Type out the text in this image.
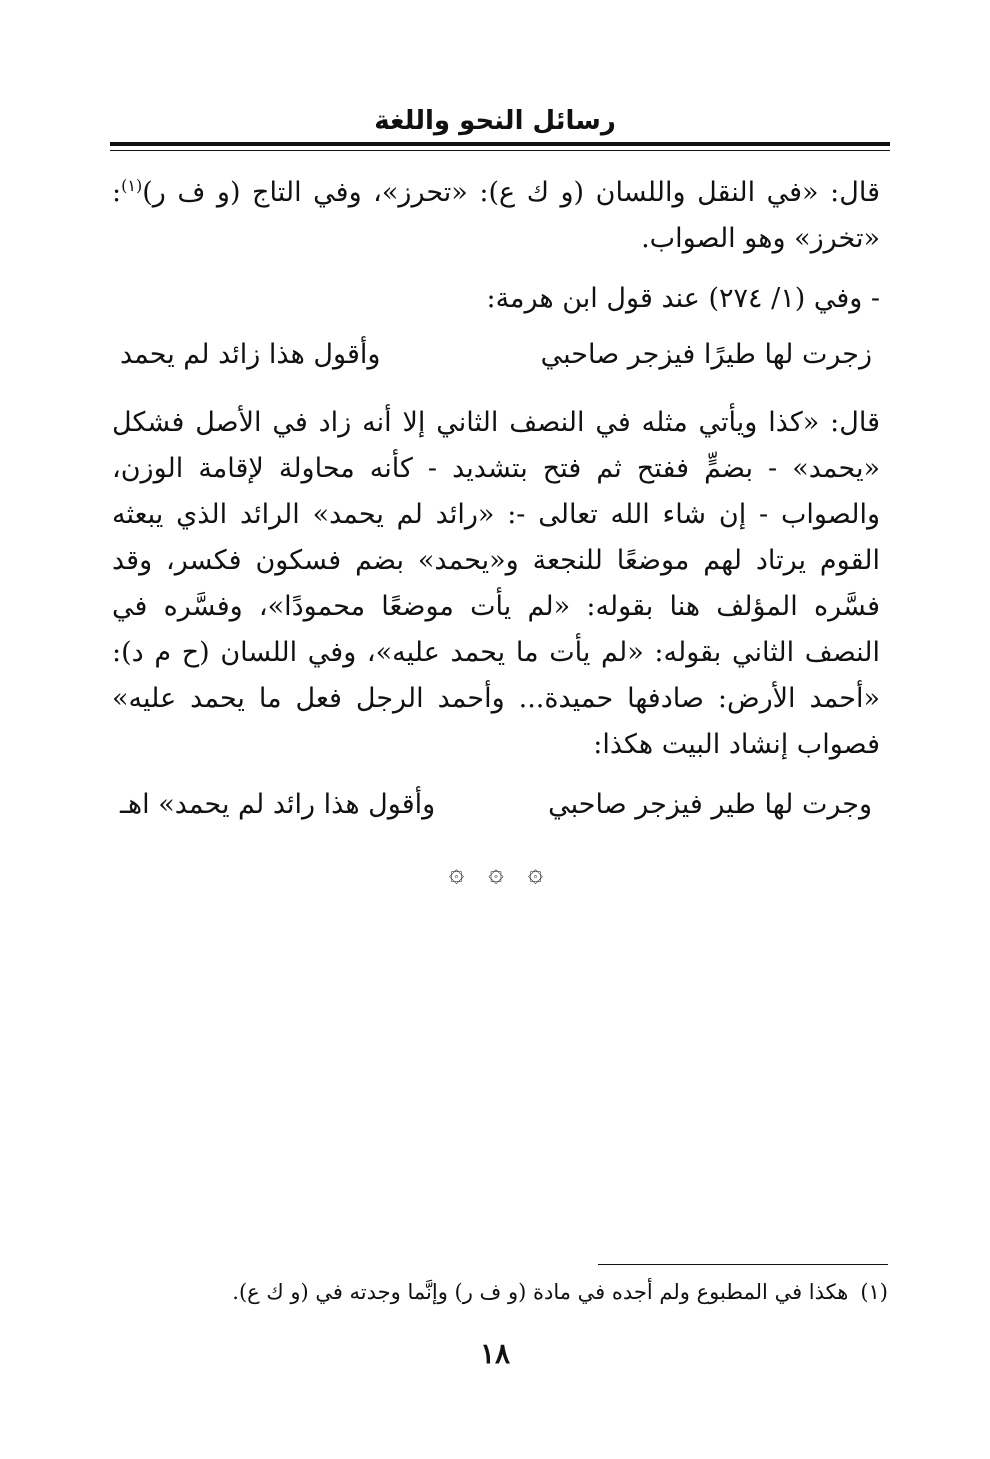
رسائل النحو واللغة

قال: «في النقل واللسان (و ك ع): «تحرز»، وفي التاج (و ف ر)$^{(١)}$: «تخرز» وهو الصواب.

- وفي (١/ ٢٧٤) عند قول ابن هرمة:

زجرت لها طيرًا فيزجر صاحبي
وأقول هذا زائد لم يحمد

قال: «كذا ويأتي مثله في النصف الثاني إلا أنه زاد في الأصل فشكل «يحمد» - بضمٍّ ففتح ثم فتح بتشديد - كأنه محاولة لإقامة الوزن، والصواب - إن شاء الله تعالى -: «رائد لم يحمد» الرائد الذي يبعثه القوم يرتاد لهم موضعًا للنجعة و«يحمد» بضم فسكون فكسر، وقد فسَّره المؤلف هنا بقوله: «لم يأت موضعًا محمودًا»، وفسَّره في النصف الثاني بقوله: «لم يأت ما يحمد عليه»، وفي اللسان (ح م د): «أحمد الأرض: صادفها حميدة... وأحمد الرجل فعل ما يحمد عليه» فصواب إنشاد البيت هكذا:

وجرت لها طير فيزجر صاحبي
وأقول هذا رائد لم يحمد» اهـ
۞ ۞ ۞
(١)هكذا في المطبوع ولم أجده في مادة (و ف ر) وإنَّما وجدته في (و ك ع).
١٨
